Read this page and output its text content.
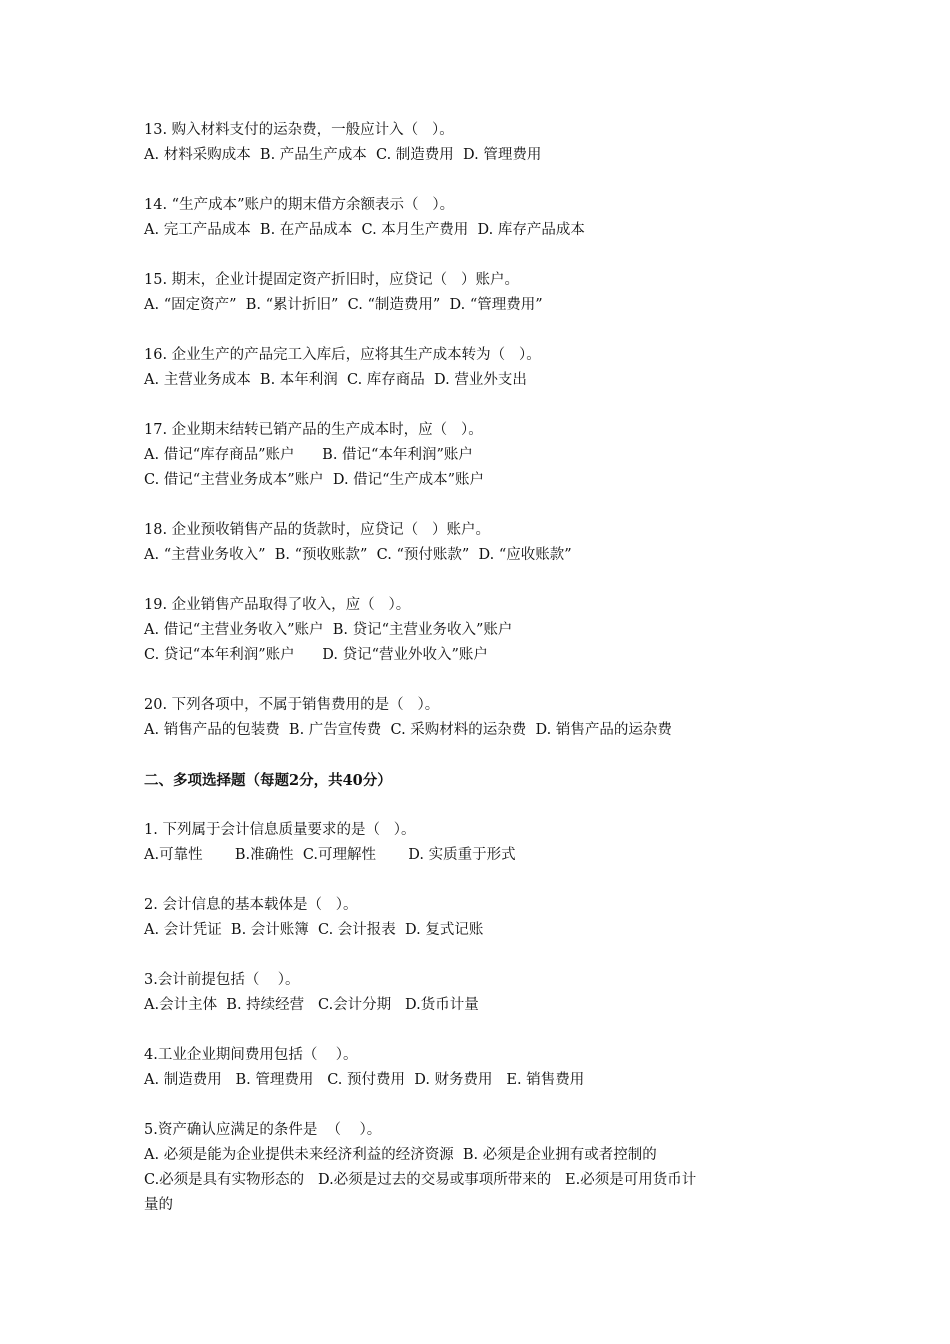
13. 购入材料支付的运杂费，一般应计入（   ）。
A. 材料采购成本  B. 产品生产成本  C. 制造费用  D. 管理费用
14. “生产成本”账户的期末借方余额表示（   ）。
A. 完工产品成本  B. 在产品成本  C. 本月生产费用  D. 库存产品成本
15. 期末，企业计提固定资产折旧时，应贷记（   ）账户。
A. “固定资产”  B. “累计折旧”  C. “制造费用”  D. “管理费用”
16. 企业生产的产品完工入库后，应将其生产成本转为（   ）。
A. 主营业务成本  B. 本年利润  C. 库存商品  D. 营业外支出
17. 企业期末结转已销产品的生产成本时，应（   ）。
A. 借记“库存商品”账户      B. 借记“本年利润”账户
C. 借记“主营业务成本”账户  D. 借记“生产成本”账户
18. 企业预收销售产品的货款时，应贷记（   ）账户。
A. “主营业务收入”  B. “预收账款”  C. “预付账款”  D. “应收账款”
19. 企业销售产品取得了收入，应（   ）。
A. 借记“主营业务收入”账户  B. 贷记“主营业务收入”账户
C. 贷记“本年利润”账户      D. 贷记“营业外收入”账户
20. 下列各项中，不属于销售费用的是（   ）。
A. 销售产品的包装费  B. 广告宣传费  C. 采购材料的运杂费  D. 销售产品的运杂费
二、多项选择题（每题2分，共40分）
1. 下列属于会计信息质量要求的是（   ）。
A.可靠性       B.准确性  C.可理解性       D. 实质重于形式
2. 会计信息的基本载体是（   ）。
A. 会计凭证  B. 会计账簿  C. 会计报表  D. 复式记账
3.会计前提包括（    ）。
A.会计主体  B. 持续经营   C.会计分期   D.货币计量
4.工业企业期间费用包括（    ）。
A. 制造费用   B. 管理费用   C. 预付费用  D. 财务费用   E. 销售费用
5.资产确认应满足的条件是  （    ）。
A. 必须是能为企业提供未来经济利益的经济资源  B. 必须是企业拥有或者控制的
C.必须是具有实物形态的   D.必须是过去的交易或事项所带来的   E.必须是可用货币计
量的
